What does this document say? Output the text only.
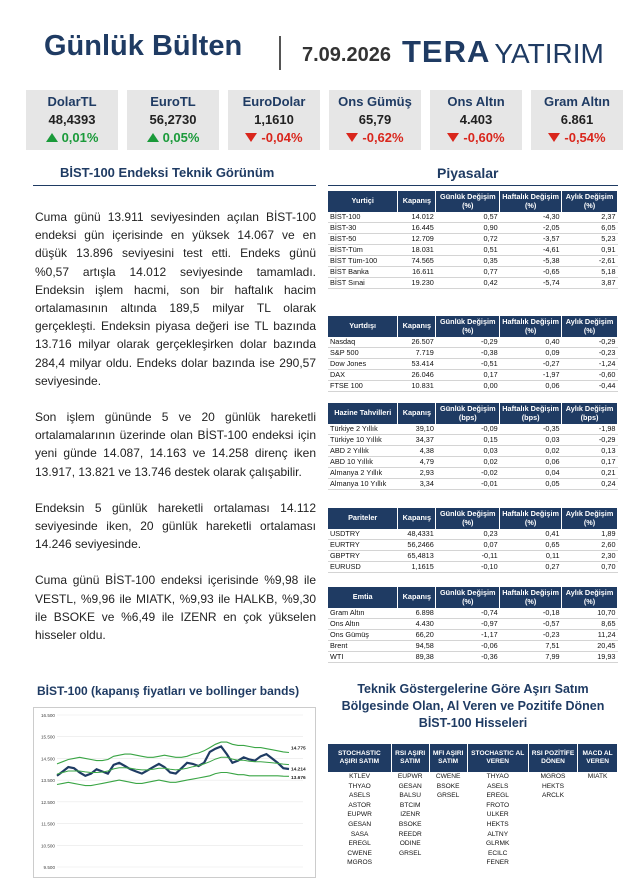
Günlük Bülten	7.09.2026 TERA YATIRIM
DolarTL
48,4393
0,01%
EuroTL
56,2730
0,05%
EuroDolar
1,1610
-0,04%
Ons Gümüş
65,79
-0,62%
Ons Altın
4.403
-0,60%
Gram Altın
6.861
-0,54%
BİST-100 Endeksi Teknik Görünüm	Piyasalar

Cuma günü 13.911 seviyesinden açılan BİST-100 endeksi gün içerisinde en yüksek 14.067 ve en düşük 13.896 seviyesini test etti. Endeks günü %0,57 artışla 14.012 seviyesinde tamamladı. Endeksin işlem hacmi, son bir haftalık hacim ortalamasının altında 189,5 milyar TL olarak gerçekleşti. Endeksin piyasa değeri ise TL bazında 13.716 milyar olarak gerçekleşirken dolar bazında 284,4 milyar oldu. Endeks dolar bazında ise 290,57 seviyesinde.

Son işlem gününde 5 ve 20 günlük hareketli ortalamalarının üzerinde olan BİST-100 endeksi için yeni günde 14.087, 14.163 ve 14.258 direnç iken 13.917, 13.821 ve 13.746 destek olarak çalışabilir.

Endeksin 5 günlük hareketli ortalaması 14.112 seviyesinde iken, 20 günlük hareketli ortalaması 14.246 seviyesinde.

Cuma günü BİST-100 endeksi içerisinde %9,98 ile VESTL, %9,96 ile MIATK, %9,93 ile HALKB, %9,30 ile BSOKE ve %6,49 ile IZENR en çok yükselen hisseler oldu.

Yurtiçi	Kapanış	Günlük Değişim (%)	Haftalık Değişim (%)	Aylık Değişim (%)
BİST-100	14.012	0,57	-4,30	2,37
BİST-30	16.445	0,90	-2,05	6,05
BİST-50	12.709	0,72	-3,57	5,23
BİST-Tüm	18.031	0,51	-4,61	0,91
BİST Tüm-100	74.565	0,35	-5,38	-2,61
BİST Banka	16.611	0,77	-0,65	5,18
BİST Sınai	19.230	0,42	-5,74	3,87
Yurtdışı	Kapanış	Günlük Değişim (%)	Haftalık Değişim (%)	Aylık Değişim (%)
Nasdaq	26.507	-0,29	0,40	-0,29
S&P 500	7.719	-0,38	0,09	-0,23
Dow Jones	53.414	-0,51	-0,27	-1,24
DAX	26.046	0,17	-1,97	-0,60
FTSE 100	10.831	0,00	0,06	-0,44
Hazine Tahvilleri	Kapanış	Günlük Değişim (bps)	Haftalık Değişim (bps)	Aylık Değişim (bps)
Türkiye 2 Yıllık	39,10	-0,09	-0,35	-1,98
Türkiye 10 Yıllık	34,37	0,15	0,03	-0,29
ABD 2 Yıllık	4,38	0,03	0,02	0,13
ABD 10 Yıllık	4,79	0,02	0,06	0,17
Almanya 2 Yıllık	2,93	-0,02	0,04	0,21
Almanya 10 Yıllık	3,34	-0,01	0,05	0,24
Pariteler	Kapanış	Günlük Değişim (%)	Haftalık Değişim (%)	Aylık Değişim (%)
USDTRY	48,4331	0,23	0,41	1,89
EURTRY	56,2466	0,07	0,65	2,60
GBPTRY	65,4813	-0,11	0,11	2,30
EURUSD	1,1615	-0,10	0,27	0,70
Emtia	Kapanış	Günlük Değişim (%)	Haftalık Değişim (%)	Aylık Değişim (%)
Gram Altın	6.898	-0,74	-0,18	10,70
Ons Altın	4.430	-0,97	-0,57	8,65
Ons Gümüş	66,20	-1,17	-0,23	11,24
Brent	94,58	-0,06	7,51	20,45
WTI	89,38	-0,36	7,99	19,93
BİST-100 (kapanış fiyatları ve bollinger bands)
16.500
15.500
14.500
13.500
12.500
11.500
10.500
9.500
14.775
14.214
13.676
Teknik Göstergelerine Göre Aşırı Satım Bölgesinde Olan, Al Veren ve Pozitife Dönen BİST-100 Hisseleri
STOCHASTIC AŞIRI SATIM	RSI AŞIRI SATIM	MFI AŞIRI SATIM	STOCHASTIC AL VEREN	RSI POZİTİFE DÖNEN	MACD AL VEREN
KTLEV	EUPWR	CWENE	THYAO	MGROS	MIATK
THYAO	GESAN	BSOKE	ASELS	HEKTS	
ASELS	BALSU	GRSEL	EREGL	ARCLK	
ASTOR	BTCIM		FROTO		
EUPWR	IZENR		ULKER		
GESAN	BSOKE		HEKTS		
SASA	REEDR		ALTNY		
EREGL	ODINE		GLRMK		
CWENE	GRSEL		ECILC		
MGROS			FENER		
